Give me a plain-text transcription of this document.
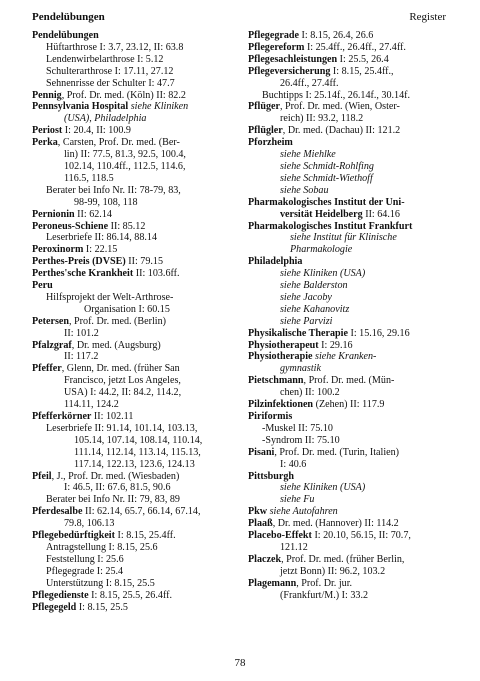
Pendelübungen	Register

Pendelübungen

Hüftarthrose I: 3.7, 23.12, II: 63.8

Lendenwirbelarthrose I: 5.12

Schulterarthrose I: 17.11, 27.12

Sehnenrisse der Schulter I: 47.7

Pennig, Prof. Dr. med. (Köln) II: 82.2

Pennsylvania Hospital siehe Kliniken

(USA), Philadelphia

Periost I: 20.4, II: 100.9

Perka, Carsten, Prof. Dr. med. (Ber-

lin) II: 77.5, 81.3, 92.5, 100.4,

102.14, 110.4ff., 112.5, 114.6,

116.5, 118.5

Berater bei Info Nr. II: 78-79, 83,

98-99, 108, 118

Pernionin II: 62.14

Peroneus-Schiene II: 85.12

Leserbriefe II: 86.14, 88.14

Peroxinorm I: 22.15

Perthes-Preis (DVSE) II: 79.15

Perthes'sche Krankheit II: 103.6ff.

Peru

Hilfsprojekt der Welt-Arthrose-

Organisation I: 60.15

Petersen, Prof. Dr. med. (Berlin)

II: 101.2

Pfalzgraf, Dr. med. (Augsburg)

II: 117.2

Pfeffer, Glenn, Dr. med. (früher San

Francisco, jetzt Los Angeles,

USA) I: 44.2, II: 84.2, 114.2,

114.11, 124.2

Pfefferkörner II: 102.11

Leserbriefe II: 91.14, 101.14, 103.13,

105.14, 107.14, 108.14, 110.14,

111.14, 112.14, 113.14, 115.13,

117.14, 122.13, 123.6, 124.13

Pfeil, J., Prof. Dr. med. (Wiesbaden)

I: 46.5, II: 67.6, 81.5, 90.6

Berater bei Info Nr. II: 79, 83, 89

Pferdesalbe II: 62.14, 65.7, 66.14, 67.14,

79.8, 106.13

Pflegebedürftigkeit I: 8.15, 25.4ff.

Antragstellung I: 8.15, 25.6

Feststellung I: 25.6

Pflegegrade I: 25.4

Unterstützung I: 8.15, 25.5

Pflegedienste I: 8.15, 25.5, 26.4ff.

Pflegegeld I: 8.15, 25.5

Pflegegrade I: 8.15, 26.4, 26.6

Pflegereform I: 25.4ff., 26.4ff., 27.4ff.

Pflegesachleistungen I: 25.5, 26.4

Pflegeversicherung I: 8.15, 25.4ff.,

26.4ff., 27.4ff.

Buchtipps I: 25.14f., 26.14f., 30.14f.

Pflüger, Prof. Dr. med. (Wien, Oster-

reich) II: 93.2, 118.2

Pflügler, Dr. med. (Dachau) II: 121.2

Pforzheim

siehe Miehlke

siehe Schmidt-Rohlfing

siehe Schmidt-Wiethoff

siehe Sobau

Pharmakologisches Institut der Uni-

versität Heidelberg II: 64.16

Pharmakologisches Institut Frankfurt

siehe Institut für Klinische

Pharmakologie

Philadelphia

siehe Kliniken (USA)

siehe Balderston

siehe Jacoby

siehe Kahanovitz

siehe Parvizi

Physikalische Therapie I: 15.16, 29.16

Physiotherapeut I: 29.16

Physiotherapie siehe Kranken-

gymnastik

Pietschmann, Prof. Dr. med. (Mün-

chen) II: 100.2

Pilzinfektionen (Zehen) II: 117.9

Piriformis

-Muskel II: 75.10

-Syndrom II: 75.10

Pisani, Prof. Dr. med. (Turin, Italien)

I: 40.6

Pittsburgh

siehe Kliniken (USA)

siehe Fu

Pkw siehe Autofahren

Plaaß, Dr. med. (Hannover) II: 114.2

Placebo-Effekt I: 20.10, 56.15, II: 70.7,

121.12

Placzek, Prof. Dr. med. (früher Berlin,

jetzt Bonn) II: 96.2, 103.2

Plagemann, Prof. Dr. jur.

(Frankfurt/M.) I: 33.2

78
